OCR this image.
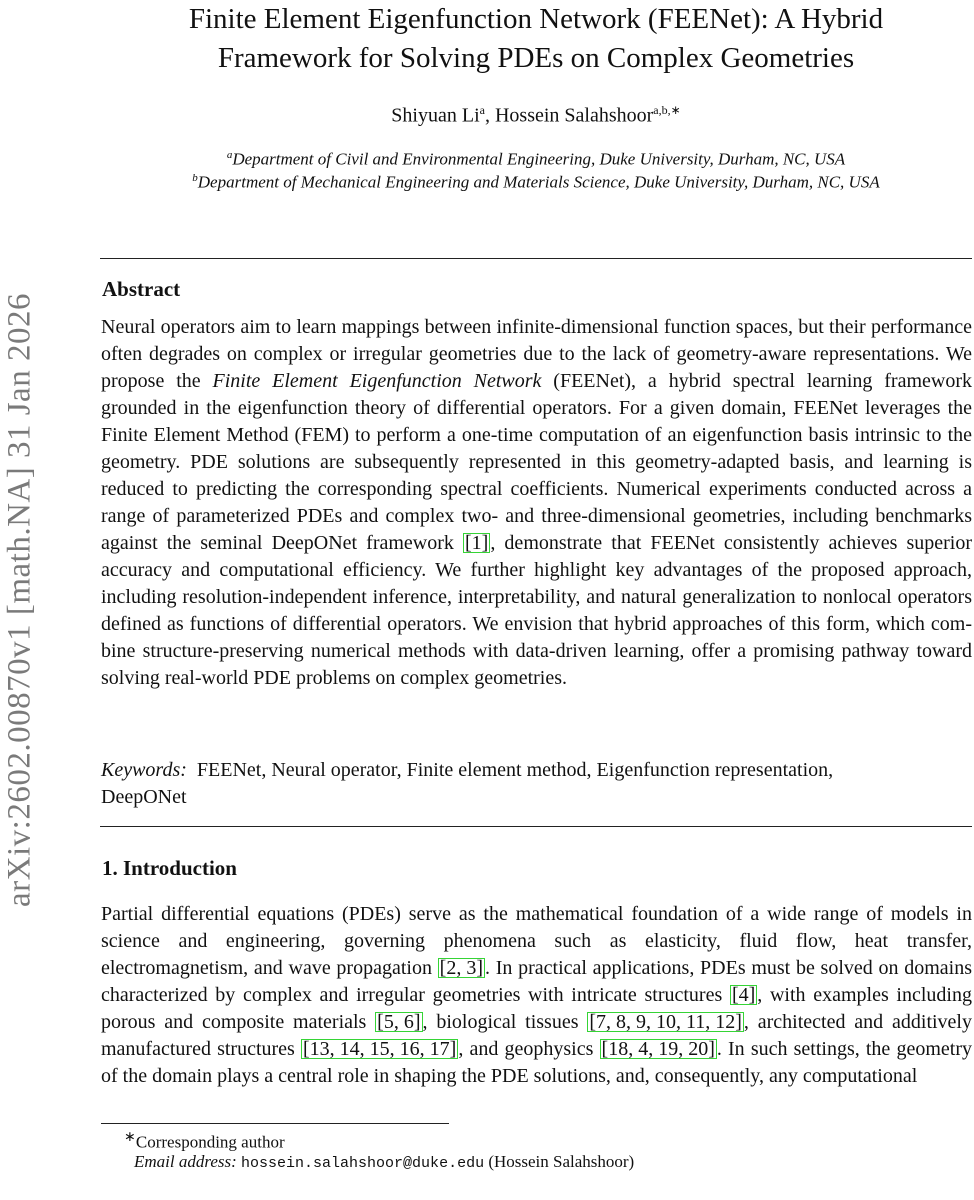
arXiv:2602.00870v1 [math.NA] 31 Jan 2026
Finite Element Eigenfunction Network (FEENet): A Hybrid
Framework for Solving PDEs on Complex Geometries
Shiyuan Li$^a$, Hossein Salahshoor$^{a,b,∗}$
$^a$Department of Civil and Environmental Engineering, Duke University, Durham, NC, USA
$^b$Department of Mechanical Engineering and Materials Science, Duke University, Durham, NC, USA
Abstract
Neural operators aim to learn mappings between infinite-dimensional function spaces, but their performance often degrades on complex or irregular geometries due to the lack of geometry-aware representations. We propose the Finite Element Eigenfunction Network (FEENet), a hybrid spectral learning framework grounded in the eigenfunction theory of differential operators. For a given domain, FEENet leverages the Finite Element Method (FEM) to perform a one-time computation of an eigenfunction basis intrinsic to the geometry. PDE solutions are subsequently represented in this geometry-adapted basis, and learning is reduced to predicting the corresponding spectral coefficients. Numerical experiments conducted across a range of parameterized PDEs and complex two- and three-dimensional geometries, including benchmarks against the seminal DeepONet framework [1] , demonstrate that FEENet consistently achieves superior accuracy and computational efficiency. We further highlight key advantages of the proposed approach, including resolution-independent inference, interpretability, and natural generalization to nonlocal operators defined as functions of differential operators. We envision that hybrid approaches of this form, which combine structure-preserving numerical methods with data-driven learning, offer a promising pathway toward solving real-world PDE problems on complex geometries.
Keywords: FEENet, Neural operator, Finite element method, Eigenfunction representation, DeepONet
1. Introduction
Partial differential equations (PDEs) serve as the mathematical foundation of a wide range of models in science and engineering, governing phenomena such as elasticity, fluid flow, heat transfer, electromagnetism, and wave propagation [2, 3] . In practical applications, PDEs must be solved on domains characterized by complex and irregular geometries with intricate structures [4] , with examples including porous and composite materials [5, 6] , biological tissues [7, 8, 9, 10, 11, 12] , architected and additively manufactured structures [13, 14, 15, 16, 17] , and geophysics [18, 4, 19, 20] . In such settings, the geometry of the domain plays a central role in shaping the PDE solutions, and, consequently, any computational
∗Corresponding author
Email address: hossein.salahshoor@duke.edu (Hossein Salahshoor)
